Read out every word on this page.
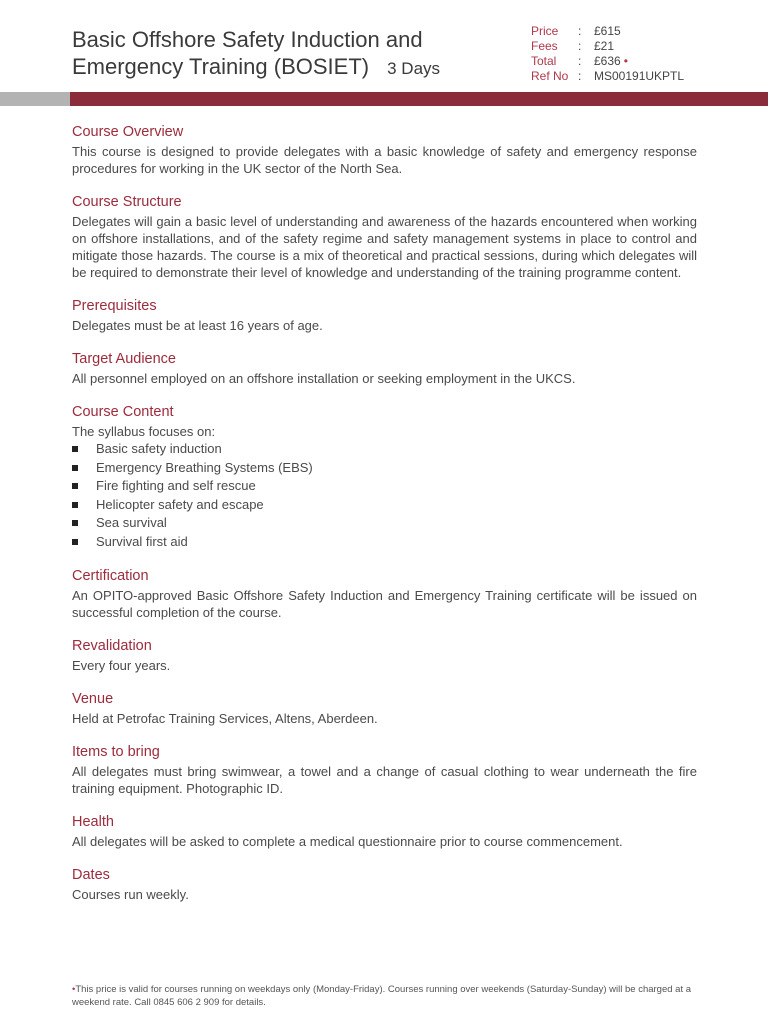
Basic Offshore Safety Induction and
Emergency Training (BOSIET) 3 Days
Price	:	£615
Fees	:	£21
Total	:	£636 •
Ref No :	MS00191UKPTL
Course Overview

This course is designed to provide delegates with a basic knowledge of safety and emergency response procedures for working in the UK sector of the North Sea.

Course Structure

Delegates will gain a basic level of understanding and awareness of the hazards encountered when working on offshore installations, and of the safety regime and safety management systems in place to control and mitigate those hazards. The course is a mix of theoretical and practical sessions, during which delegates will be required to demonstrate their level of knowledge and understanding of the training programme content.

Prerequisites

Delegates must be at least 16 years of age.

Target Audience

All personnel employed on an offshore installation or seeking employment in the UKCS.

Course Content

The syllabus focuses on:

Basic safety induction
Emergency Breathing Systems (EBS)
Fire fighting and self rescue
Helicopter safety and escape
Sea survival
Survival first aid
Certification

An OPITO-approved Basic Offshore Safety Induction and Emergency Training certificate will be issued on successful completion of the course.

Revalidation

Every four years.

Venue

Held at Petrofac Training Services, Altens, Aberdeen.

Items to bring

All delegates must bring swimwear, a towel and a change of casual clothing to wear underneath the fire training equipment. Photographic ID.

Health

All delegates will be asked to complete a medical questionnaire prior to course commencement.

Dates

Courses run weekly.

•This price is valid for courses running on weekdays only (Monday-Friday). Courses running over weekends (Saturday-Sunday) will be charged at a weekend rate. Call 0845 606 2 909 for details.
